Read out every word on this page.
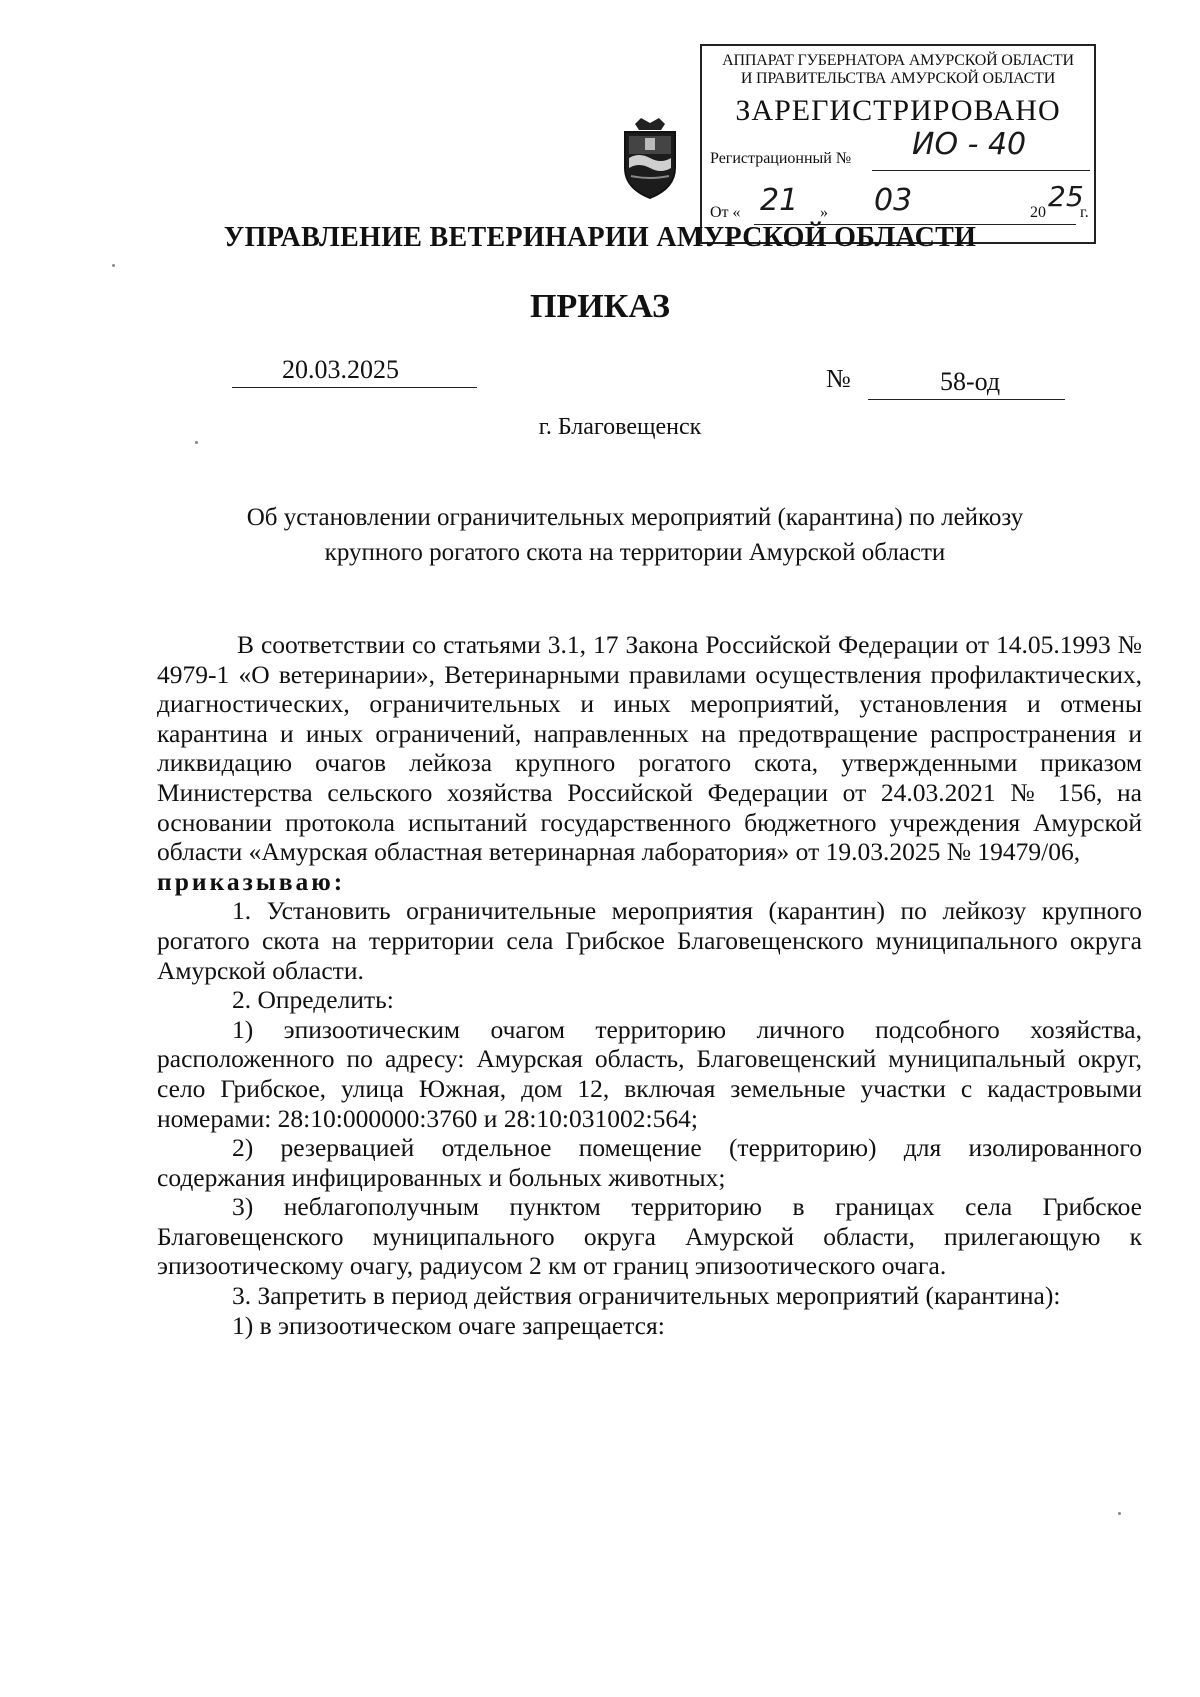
АППАРАТ ГУБЕРНАТОРА АМУРСКОЙ ОБЛАСТИ
И ПРАВИТЕЛЬСТВА АМУРСКОЙ ОБЛАСТИ
ЗАРЕГИСТРИРОВАНО
Регистрационный № ИО - 40
От « 21 » 03	20 25
г.
УПРАВЛЕНИЕ ВЕТЕРИНАРИИ АМУРСКОЙ ОБЛАСТИ
ПРИКАЗ
20.03.2025	№	58-од
г. Благовещенск
Об установлении ограничительных мероприятий (карантина) по лейкозу
крупного рогатого скота на территории Амурской области

В соответствии со статьями 3.1, 17 Закона Российской Федерации от 14.05.1993 № 4979-1 «О ветеринарии», Ветеринарными правилами осуществления профилактических, диагностических, ограничительных и иных мероприятий, установления и отмены карантина и иных ограничений, направленных на предотвращение распространения и ликвидацию очагов лейкоза крупного рогатого скота, утвержденными приказом Министерства сельского хозяйства Российской Федерации от 24.03.2021 № 156, на основании протокола испытаний государственного бюджетного учреждения Амурской области «Амурская областная ветеринарная лаборатория» от 19.03.2025 № 19479/06,

приказываю:

1. Установить ограничительные мероприятия (карантин) по лейкозу крупного рогатого скота на территории села Грибское Благовещенского муниципального округа Амурской области.

2. Определить:

1) эпизоотическим очагом территорию личного подсобного хозяйства, расположенного по адресу: Амурская область, Благовещенский муниципальный округ, село Грибское, улица Южная, дом 12, включая земельные участки с кадастровыми номерами: 28:10:000000:3760 и 28:10:031002:564;

2) резервацией отдельное помещение (территорию) для изолированного содержания инфицированных и больных животных;

3) неблагополучным пунктом территорию в границах села Грибское Благовещенского муниципального округа Амурской области, прилегающую к эпизоотическому очагу, радиусом 2 км от границ эпизоотического очага.

3. Запретить в период действия ограничительных мероприятий (карантина):

1) в эпизоотическом очаге запрещается:
